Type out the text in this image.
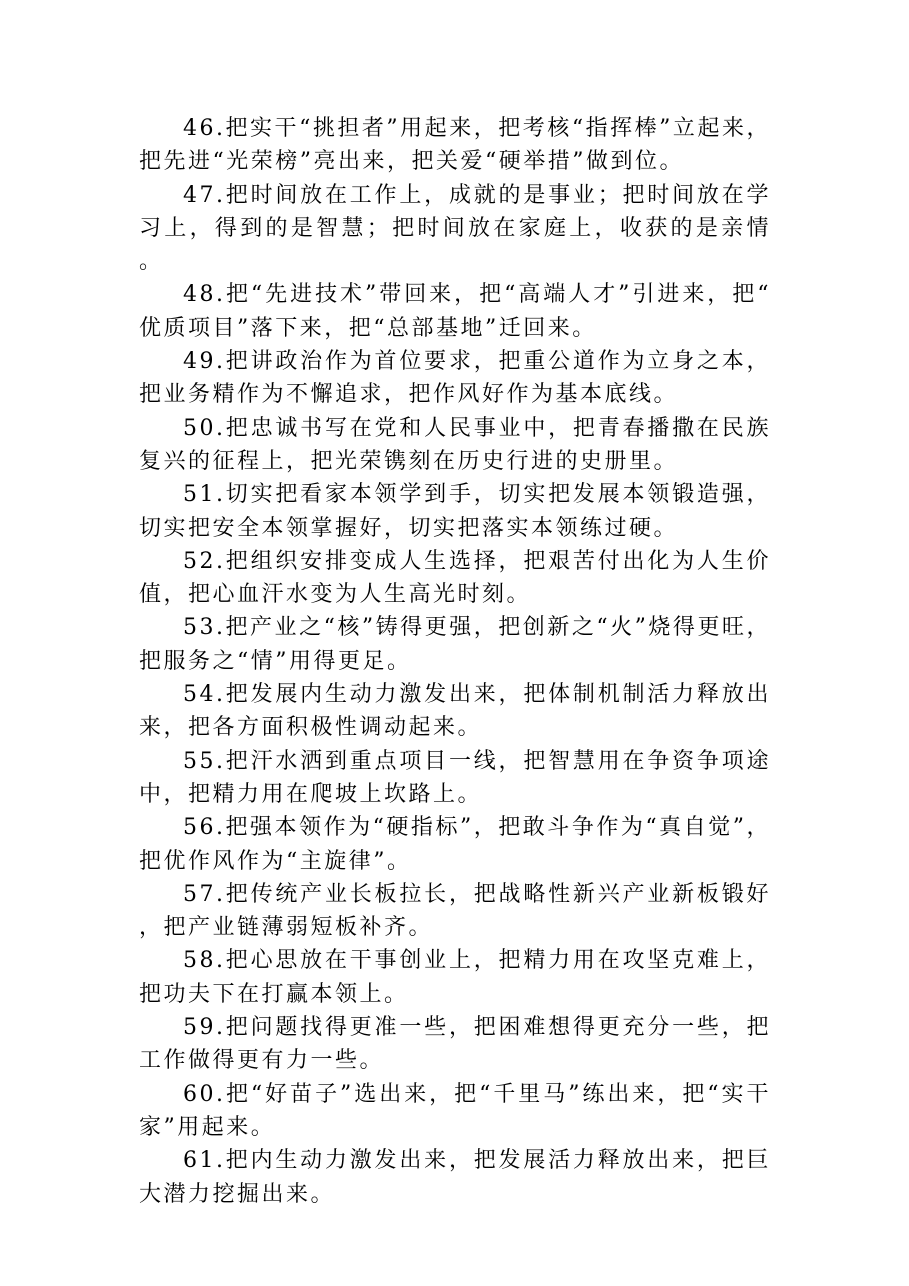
46.把实干“挑担者”用起来，把考核“指挥棒”立起来，把先进“光荣榜”亮出来，把关爱“硬举措”做到位。

47.把时间放在工作上，成就的是事业；把时间放在学习上，得到的是智慧；把时间放在家庭上，收获的是亲情。

48.把“先进技术”带回来，把“高端人才”引进来，把“优质项目”落下来，把“总部基地”迁回来。

49.把讲政治作为首位要求，把重公道作为立身之本，把业务精作为不懈追求，把作风好作为基本底线。

50.把忠诚书写在党和人民事业中，把青春播撒在民族复兴的征程上，把光荣镌刻在历史行进的史册里。

51.切实把看家本领学到手，切实把发展本领锻造强，切实把安全本领掌握好，切实把落实本领练过硬。

52.把组织安排变成人生选择，把艰苦付出化为人生价值，把心血汗水变为人生高光时刻。

53.把产业之“核”铸得更强，把创新之“火”烧得更旺，把服务之“情”用得更足。

54.把发展内生动力激发出来，把体制机制活力释放出来，把各方面积极性调动起来。

55.把汗水洒到重点项目一线，把智慧用在争资争项途中，把精力用在爬坡上坎路上。

56.把强本领作为“硬指标”，把敢斗争作为“真自觉”，把优作风作为“主旋律”。

57.把传统产业长板拉长，把战略性新兴产业新板锻好，把产业链薄弱短板补齐。

58.把心思放在干事创业上，把精力用在攻坚克难上，把功夫下在打赢本领上。

59.把问题找得更准一些，把困难想得更充分一些，把工作做得更有力一些。

60.把“好苗子”选出来，把“千里马”练出来，把“实干家”用起来。

61.把内生动力激发出来，把发展活力释放出来，把巨大潜力挖掘出来。
